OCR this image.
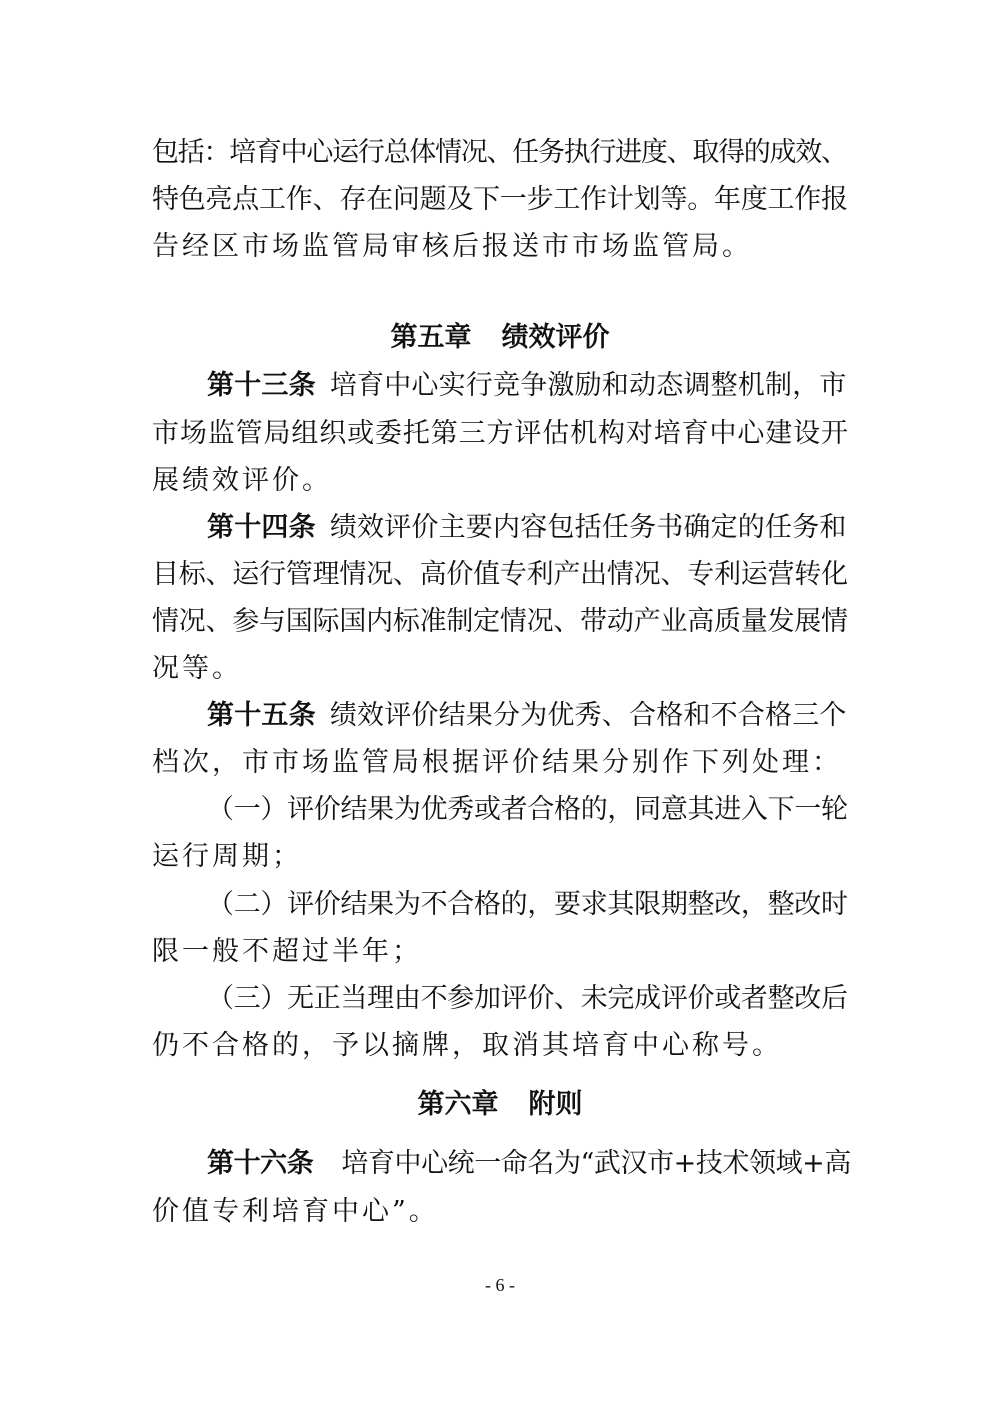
包括：培育中心运行总体情况、任务执行进度、取得的成效、
特色亮点工作、存在问题及下一步工作计划等。年度工作报
告经区市场监管局审核后报送市市场监管局。
第五章 绩效评价
第十三条 培育中心实行竞争激励和动态调整机制，市
市场监管局组织或委托第三方评估机构对培育中心建设开
展绩效评价。
第十四条 绩效评价主要内容包括任务书确定的任务和
目标、运行管理情况、高价值专利产出情况、专利运营转化
情况、参与国际国内标准制定情况、带动产业高质量发展情
况等。
第十五条 绩效评价结果分为优秀、合格和不合格三个
档次，市市场监管局根据评价结果分别作下列处理：
（一）评价结果为优秀或者合格的，同意其进入下一轮
运行周期；
（二）评价结果为不合格的，要求其限期整改，整改时
限一般不超过半年；
（三）无正当理由不参加评价、未完成评价或者整改后
仍不合格的，予以摘牌，取消其培育中心称号。
第六章 附则
第十六条 培育中心统一命名为“武汉市+技术领域+高
价值专利培育中心”。
- 6 -
